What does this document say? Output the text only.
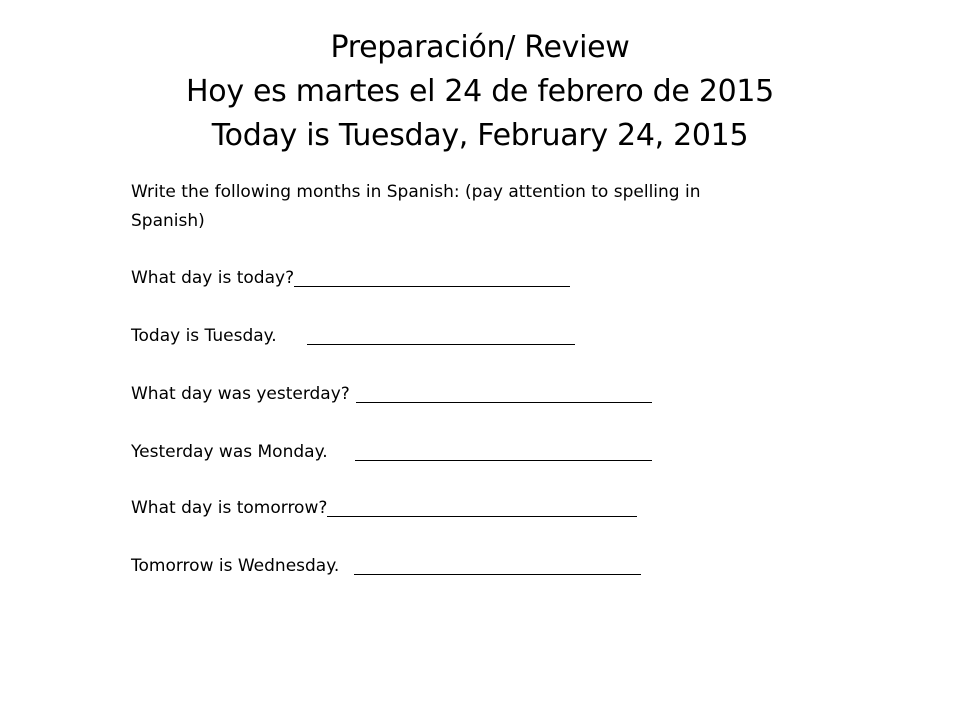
Preparación/ Review
Hoy es martes el 24 de febrero de 2015
Today is Tuesday, February 24, 2015

Write the following months in Spanish: (pay attention to spelling in Spanish)

What day is today?
Today is Tuesday.
What day was yesterday?
Yesterday was Monday.
What day is tomorrow?
Tomorrow is Wednesday.
